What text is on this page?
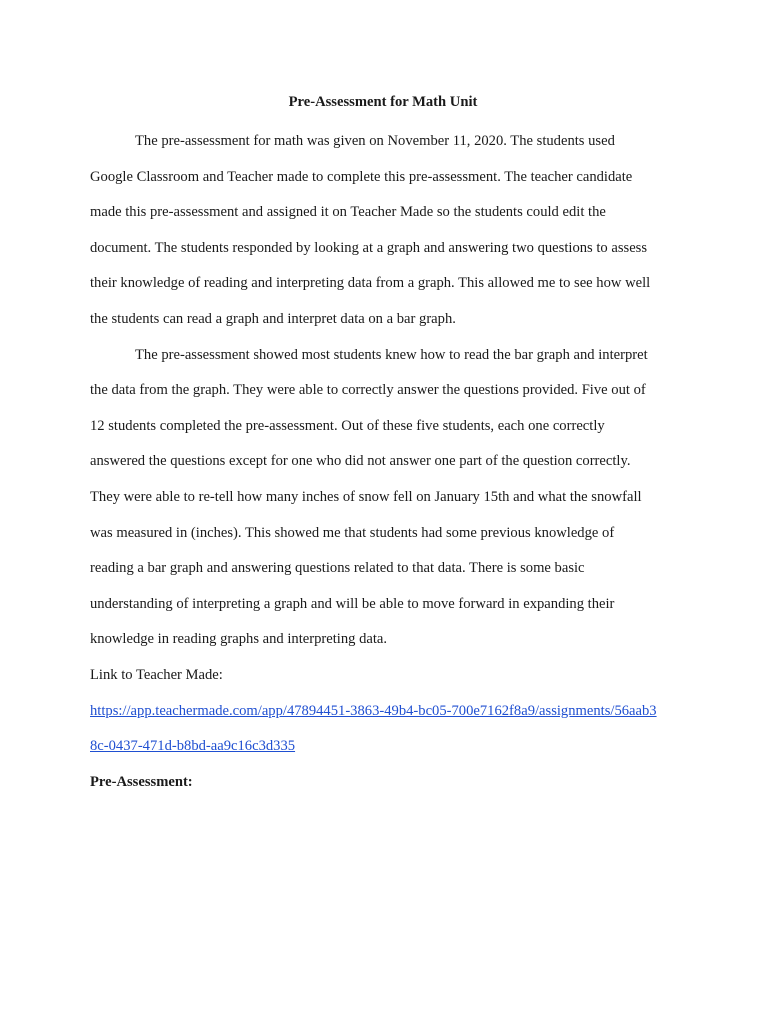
Pre-Assessment for Math Unit
The pre-assessment for math was given on November 11, 2020. The students used
Google Classroom and Teacher made to complete this pre-assessment. The teacher candidate
made this pre-assessment and assigned it on Teacher Made so the students could edit the
document. The students responded by looking at a graph and answering two questions to assess
their knowledge of reading and interpreting data from a graph. This allowed me to see how well
the students can read a graph and interpret data on a bar graph.
The pre-assessment showed most students knew how to read the bar graph and interpret
the data from the graph. They were able to correctly answer the questions provided. Five out of
12 students completed the pre-assessment. Out of these five students, each one correctly
answered the questions except for one who did not answer one part of the question correctly.
They were able to re-tell how many inches of snow fell on January 15th and what the snowfall
was measured in (inches). This showed me that students had some previous knowledge of
reading a bar graph and answering questions related to that data. There is some basic
understanding of interpreting a graph and will be able to move forward in expanding their
knowledge in reading graphs and interpreting data.
Link to Teacher Made:
https://app.teachermade.com/app/47894451-3863-49b4-bc05-700e7162f8a9/assignments/56aab3
8c-0437-471d-b8bd-aa9c16c3d335
Pre-Assessment:
